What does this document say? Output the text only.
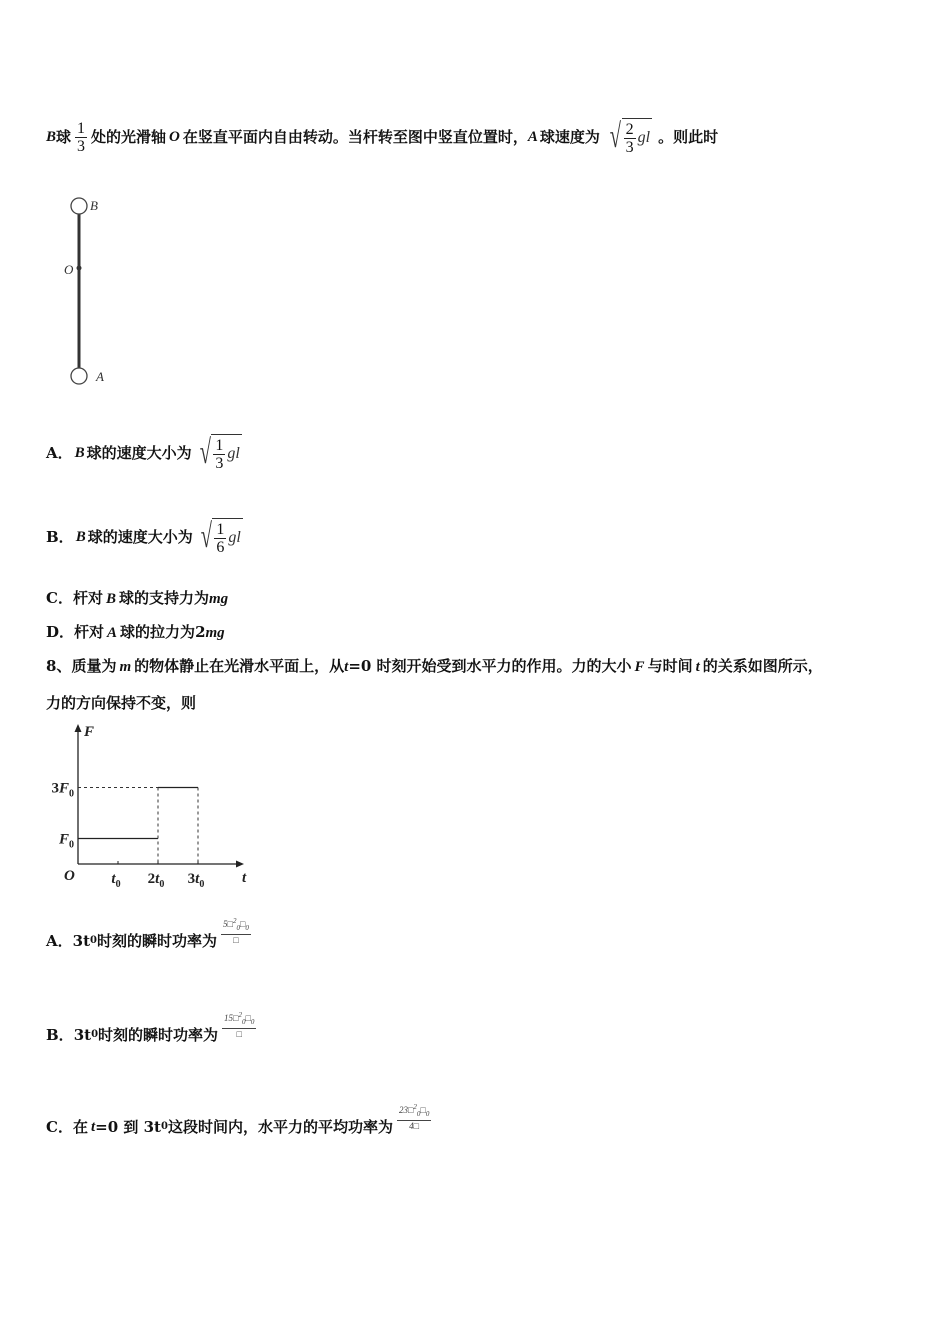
B 球 $\frac{1}{3}$ 处的光滑轴 O 在竖直平面内自由转动。当杆转至图中竖直位置时， A 球速度为 √ $\frac{2}{3}$ gl 。则此时
B
O
A
A． B 球的速度大小为 √ $\frac{1}{3}$ gl
B． B 球的速度大小为 √ $\frac{1}{6}$ gl
C．杆对 B 球的支持力为mg
D．杆对 A 球的拉力为2mg
8、质量为 m 的物体静止在光滑水平面上，从t=0 时刻开始受到水平力的作用。力的大小 F 与时间 t 的关系如图所示，
力的方向保持不变，则
F
t
O
$F_0$
$3F_0$
$t_0$ $2t_0$ $3t_0$
A． 3t 0 时刻的瞬时功率为 $\frac{5□^2_0□_0}{□}$
B． 3t 0 时刻的瞬时功率为 $\frac{15□^2_0□_0}{□}$
C． 在 t =0 到 3t 0 这段时间内，水平力的平均功率为 $\frac{23□^2_0□_0}{4□}$
